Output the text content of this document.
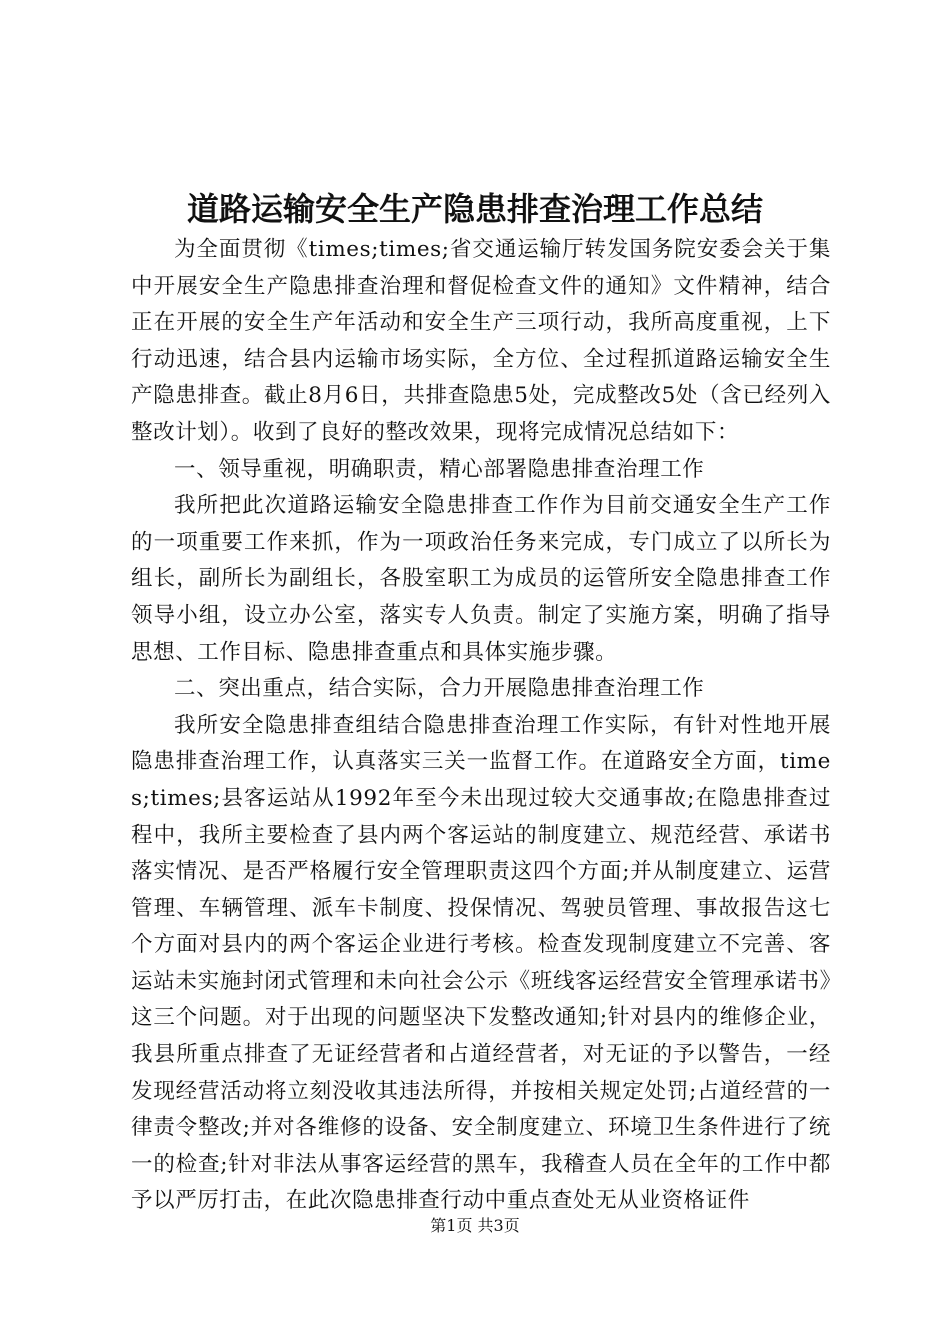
道路运输安全生产隐患排查治理工作总结

为全面贯彻《times;times;省交通运输厅转发国务院安委会关于集中开展安全生产隐患排查治理和督促检查文件的通知》文件精神，结合正在开展的安全生产年活动和安全生产三项行动，我所高度重视，上下行动迅速，结合县内运输市场实际，全方位、全过程抓道路运输安全生产隐患排查。截止8月6日，共排查隐患5处，完成整改5处（含已经列入整改计划）。收到了良好的整改效果，现将完成情况总结如下：

一、领导重视，明确职责，精心部署隐患排查治理工作

我所把此次道路运输安全隐患排查工作作为目前交通安全生产工作的一项重要工作来抓，作为一项政治任务来完成，专门成立了以所长为组长，副所长为副组长，各股室职工为成员的运管所安全隐患排查工作领导小组，设立办公室，落实专人负责。制定了实施方案，明确了指导思想、工作目标、隐患排查重点和具体实施步骤。

二、突出重点，结合实际，合力开展隐患排查治理工作

我所安全隐患排查组结合隐患排查治理工作实际，有针对性地开展隐患排查治理工作，认真落实三关一监督工作。在道路安全方面，times;times;县客运站从1992年至今未出现过较大交通事故;在隐患排查过程中，我所主要检查了县内两个客运站的制度建立、规范经营、承诺书落实情况、是否严格履行安全管理职责这四个方面;并从制度建立、运营管理、车辆管理、派车卡制度、投保情况、驾驶员管理、事故报告这七个方面对县内的两个客运企业进行考核。检查发现制度建立不完善、客运站未实施封闭式管理和未向社会公示《班线客运经营安全管理承诺书》这三个问题。对于出现的问题坚决下发整改通知;针对县内的维修企业，我县所重点排查了无证经营者和占道经营者，对无证的予以警告，一经发现经营活动将立刻没收其违法所得，并按相关规定处罚;占道经营的一律责令整改;并对各维修的设备、安全制度建立、环境卫生条件进行了统一的检查;针对非法从事客运经营的黑车，我稽查人员在全年的工作中都予以严厉打击，在此次隐患排查行动中重点查处无从业资格证件

第1页 共3页
